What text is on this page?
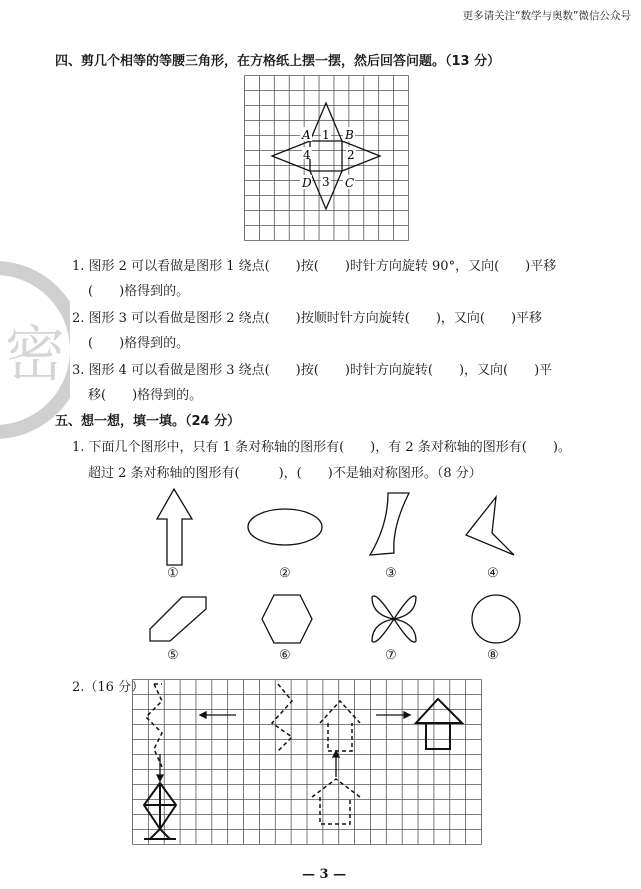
更多请关注“数学与奥数”微信公众号
四、剪几个相等的等腰三角形，在方格纸上摆一摆，然后回答问题。（13 分）
A	B
C
D
1
2
3
4
密
1. 图形 2 可以看做是图形 1 绕点(　　)按(　　)时针方向旋转 90°，又向(　　)平移
(　　)格得到的。
2. 图形 3 可以看做是图形 2 绕点(　　)按顺时针方向旋转(　　)，又向(　　)平移
(　　)格得到的。
3. 图形 4 可以看做是图形 3 绕点(　　)按(　　)时针方向旋转(　　)，又向(　　)平
移(　　)格得到的。
五、想一想，填一填。（24 分）
1. 下面几个图形中，只有 1 条对称轴的图形有(　　)，有 2 条对称轴的图形有(　　)。
超过 2 条对称轴的图形有(　　　)，(　　)不是轴对称图形。（8 分）
①	②	③	④
⑤	⑥	⑦	⑧
2.（16 分）
— 3 —
